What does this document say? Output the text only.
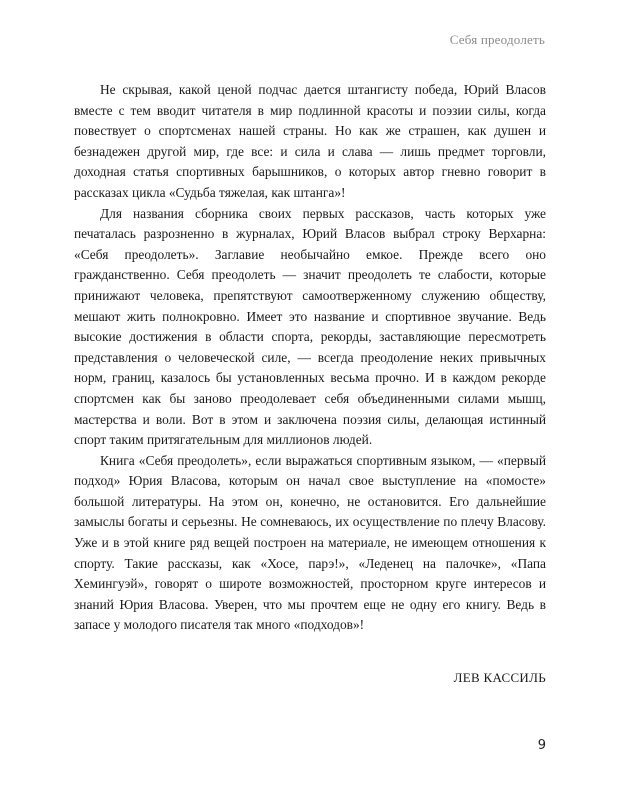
Себя преодолеть

Не скрывая, какой ценой подчас дается штангисту победа, Юрий Власов вместе с тем вводит читателя в мир подлинной красоты и поэзии силы, когда повествует о спортсменах нашей страны. Но как же страшен, как душен и безнадежен другой мир, где все: и сила и слава — лишь предмет торговли, доходная статья спортивных барышников, о которых автор гневно говорит в рассказах цикла «Судьба тяжелая, как штанга»!

Для названия сборника своих первых рассказов, часть которых уже печаталась разрозненно в журналах, Юрий Власов выбрал строку Верхарна: «Себя преодолеть». Заглавие необычайно емкое. Прежде всего оно гражданственно. Себя преодолеть — значит преодолеть те слабости, которые принижают человека, препятствуют самоотверженному служению обществу, мешают жить полнокровно. Имеет это название и спортивное звучание. Ведь высокие достижения в области спорта, рекорды, заставляющие пересмотреть представления о человеческой силе, — всегда преодоление неких привычных норм, границ, казалось бы установленных весьма прочно. И в каждом рекорде спортсмен как бы заново преодолевает себя объединенными силами мышц, мастерства и воли. Вот в этом и заключена поэзия силы, делающая истинный спорт таким притягательным для миллионов людей.

Книга «Себя преодолеть», если выражаться спортивным языком, — «первый подход» Юрия Власова, которым он начал свое выступление на «помосте» большой литературы. На этом он, конечно, не остановится. Его дальнейшие замыслы богаты и серьезны. Не сомневаюсь, их осуществление по плечу Власову. Уже и в этой книге ряд вещей построен на материале, не имеющем отношения к спорту. Такие рассказы, как «Хосе, парэ!», «Леденец на палочке», «Папа Хемингуэй», говорят о широте возможностей, просторном круге интересов и знаний Юрия Власова. Уверен, что мы прочтем еще не одну его книгу. Ведь в запасе у молодого писателя так много «подходов»!

ЛЕВ КАССИЛЬ
9
